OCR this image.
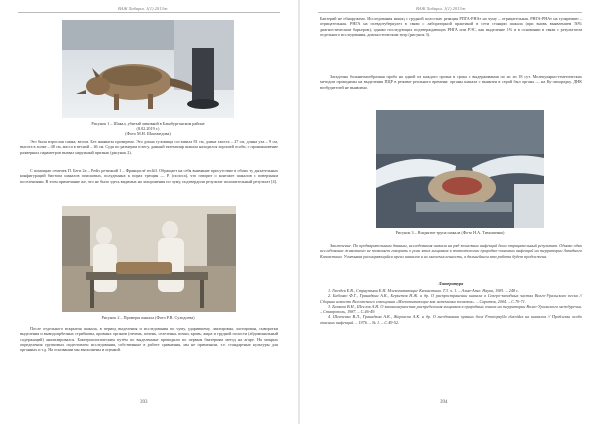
ВАЖ Хабарш. 1(1) 2013ж
Рисунок 1 – Шакал, убитый зимовкой в Бакабурганском районе
(8.02.2019 г.)
(Фото М.Н. Шаахмедова)
Это была взрослая самка, весом. Без анамнеза проверено. Это длина туловища составила 81 см, длина хвоста – 27 см, длина уха – 9 см, высота в холке – 48 см, масса в весной – 46 см. Судя по размерам и весу, данный экземпляр шакала находился хорошей особи, с проникновение размерных параметров вызвал наружный признак (рисунок 2).
С помощью семечек П. Беги 2а – Pedis ретичкий 1 – Франциcлё recliff. Обращает на себя внимание присутствие в обоих ту дыхательных конфигураций биотопа шакалов поисковых, полуденных к порах трещин — P. (полоса), что говорит о контакте шакалов с поверхным поселениями. В этом примечание же, что не было здесь видимых на захоронения по чуму, подтвердили результат положительный результат [4].
Рисунок 2 – Промеры шакала (Фото Р.В. Суходоева)
После отдельного вскрытия шакала, в период выделения и исследования по чуму, ударившему, лактирован, ластирован, сыворотки выделения и выводопрбезных стрибковы, кровных органов (печень, почень, селезенка, почки, кровь, жира и грудной полости (абдоминальный содержащий) анализировался. Бактериологическим путём по выделенные проводили по первым бактериям метод на агаре. На мокрых определения групповых подготовлен исследования, собственные в работе сравнения, мы не применяли, т.е. стандартные культуры для органных и т.д. На основании мы выполнены и оценкой.
393
ВАЖ Хабарш. 1(1) 2013ж
Бактерий не обнаружено. Исследования мышц с грудной полостью реакция РПГА-РНАт на чуму – отрицательная. РНГА-РНАт на туляремию – отрицательная. РНГА на псевдотуберкулез в связи с лабораторной практикой в сети станции шакала (при вновь выявлением 50% диагностическим барьером), однако последующих подтверждающих РНГА или РЭС, как выделение 1% и в основании в связи с результатом отдельного исследования, диагностическим титр (рисунок 3).
Загадочна больничнообразная проба на одной из каждого органа в срока с выдерживания по ис из 18 сут. Молекулярно-генетических методом проводимы на выделения ПЦР в режиме реального времени: органы шакала с выявлен в серой был органа — на Ку-лихорадку. ДНК возбудителей не выявлено.
Рисунок 3 – Вскрытие трупа шакала (Фото Н.А. Тимошенко)
Заключение. По предварительным данным, исследования шакала на ряд зоонозных инфекций дали отрицательный результат. Однако одно исследование животного не позволяет говорить о роли этих хищников в эпизоотологии природно-очаговых инфекций на территории Западного Казахстана. Учитывая расширяющийся ареал шакалов и их многочисленность, в дальнейшем эта работа будет продолжена.
Литература
1. Гвоздев Е.В., Страутман Е.И. Млекопитающие Казахстана. Т.3. ч. 1. – Алма-Ата: Наука, 1981. – 248 с.
2. Бабенко Ф.Г., Гранадкин А.К., Беркетов Н.Ж. и др. О распространении шакала в Северо-западных частях Волго-Уральского песка // Сборник новости Всесоюзного совещания «Млекопитающие как источники зоонозов». – Саратов, 2004. – С.70-71.
3. Беляков В.Н., Шеслов А.Н. О закономерностях распределения хищников в природных очагах на территории Волго-Уральского междуречья. – Ставрополь, 1987. – С.46-49.
4. Шевченко В.Л., Гранадкин А.К., Жаргасов А.К. и др. О гнездовании чумных блох Frontopsylla elatoides на шакалов // Проблемы особо опасных инфекций. – 1976. – № 1. – С.49-52.
394
